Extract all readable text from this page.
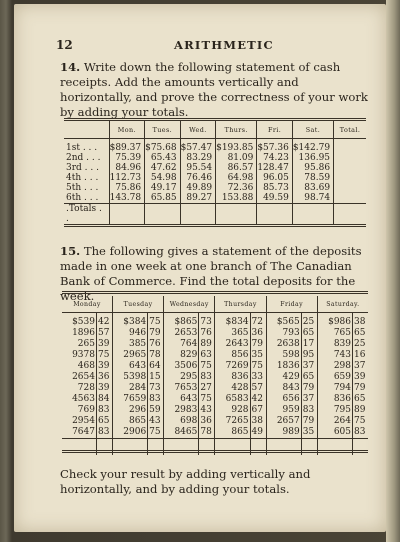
12	ARITHMETIC
14. Write down the following statement of cash receipts. Add the amounts vertically and horizontally, and prove the correctness of your work by adding your totals.
	Mon.	Tues.	Wed.	Thurs.	Fri.	Sat.	Total.
1st . . .	$89.37	$75.68	$57.47	$193.85	$57.36	$142.79	
2nd . . .	75.39	65.43	83.29	81.09	74.23	136.95	
3rd . . .	84.96	47.62	95.54	86.57	128.47	95.86	
4th . . .	112.73	54.98	76.46	64.98	96.05	78.59	
5th . . .	75.86	49.17	49.89	72.36	85.73	83.69	
6th . . .	143.78	65.85	89.27	153.88	49.59	98.74	
.Totals . .							

15. The following gives a statement of the deposits made in one week at one branch of The Canadian Bank of Commerce. Find the total deposits for the week.
Monday		Tuesday		Wednesday		Thursday		Friday		Saturday.	
$539	42	$384	75	$865	73	$834	72	$565	25	$986	38
1896	57	946	79	2653	76	365	36	793	65	765	65
265	39	385	76	764	89	2643	79	2638	17	839	25
9378	75	2965	78	829	63	856	35	598	95	743	16
468	39	643	64	3506	75	7269	75	1836	37	298	37
2654	36	5398	15	295	83	836	33	429	65	659	39
728	39	284	73	7653	27	428	57	843	79	794	79
4563	84	7659	83	643	75	6583	42	656	37	836	65
769	83	296	59	2983	43	928	67	959	83	795	89
2954	65	865	43	698	36	7265	38	2657	79	264	75
7647	83	2906	75	8465	78	865	49	989	35	605	83

Check your result by adding vertically and horizontally, and by adding your totals.
